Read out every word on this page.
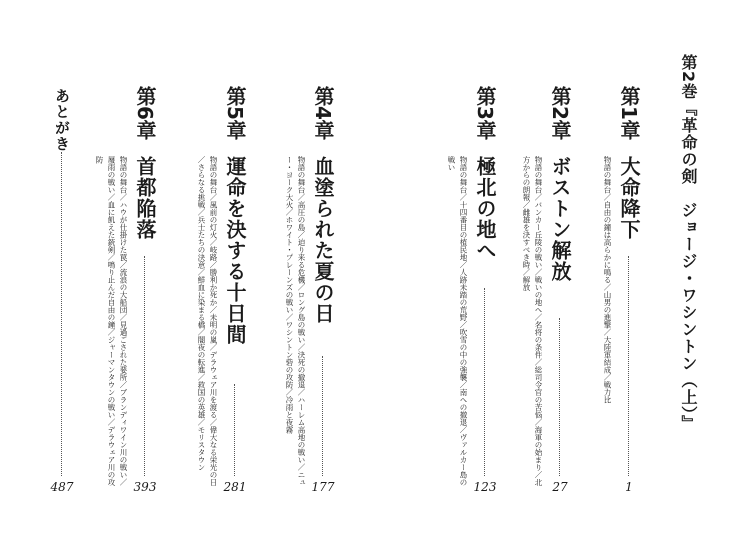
第2巻『革命の剣　ジョージ・ワシントン（上）』
第1章
大命降下
1
物語の舞台／自由の鐘は高らかに鳴る／山男の進撃／大陸軍結成／戦力比
第2章
ボストン解放
27
物語の舞台／バンカー丘陵の戦い／戦いの地へ／名将の条件／総司令官の苦悩／海軍の始まり／北方からの朗報／雌雄を決すべき時／解放
第3章
極北の地へ
123
物語の舞台／十四番目の植民地／人跡未踏の荒野／吹雪の中の強襲／南への撤退／ヴァルカー島の戦い
第4章
血塗られた夏の日
177
物語の舞台／高圧の島／迫り来る危機／ロング島の戦い／決死の撤退／ハーレム高地の戦い／ニュー・ヨーク大火／ホワイト・プレーンズの戦い／ワシントン砦の攻防／冷雨と夜霧
第5章
運命を決する十日間
281
物語の舞台／風前の灯火／岐路／勝利か死か／未明の嵐／デラウェア川を渡る／偉大なる栄光の日／さらなる挑戦／兵士たちの決意／鮮血に染まる橋／闇夜の転進／救国の英雄／モリスタウン
第6章
首都陥落
393
物語の舞台／ハウが仕掛けた罠／流浪の大船団／見過ごされた要所／ブランディワイン川の戦い／蜃雨の戦い／血に飢えた銃剣／鳴り止んだ自由の鐘／ジャーマンタウンの戦い／デラウェア川の攻防
あとがき
487
